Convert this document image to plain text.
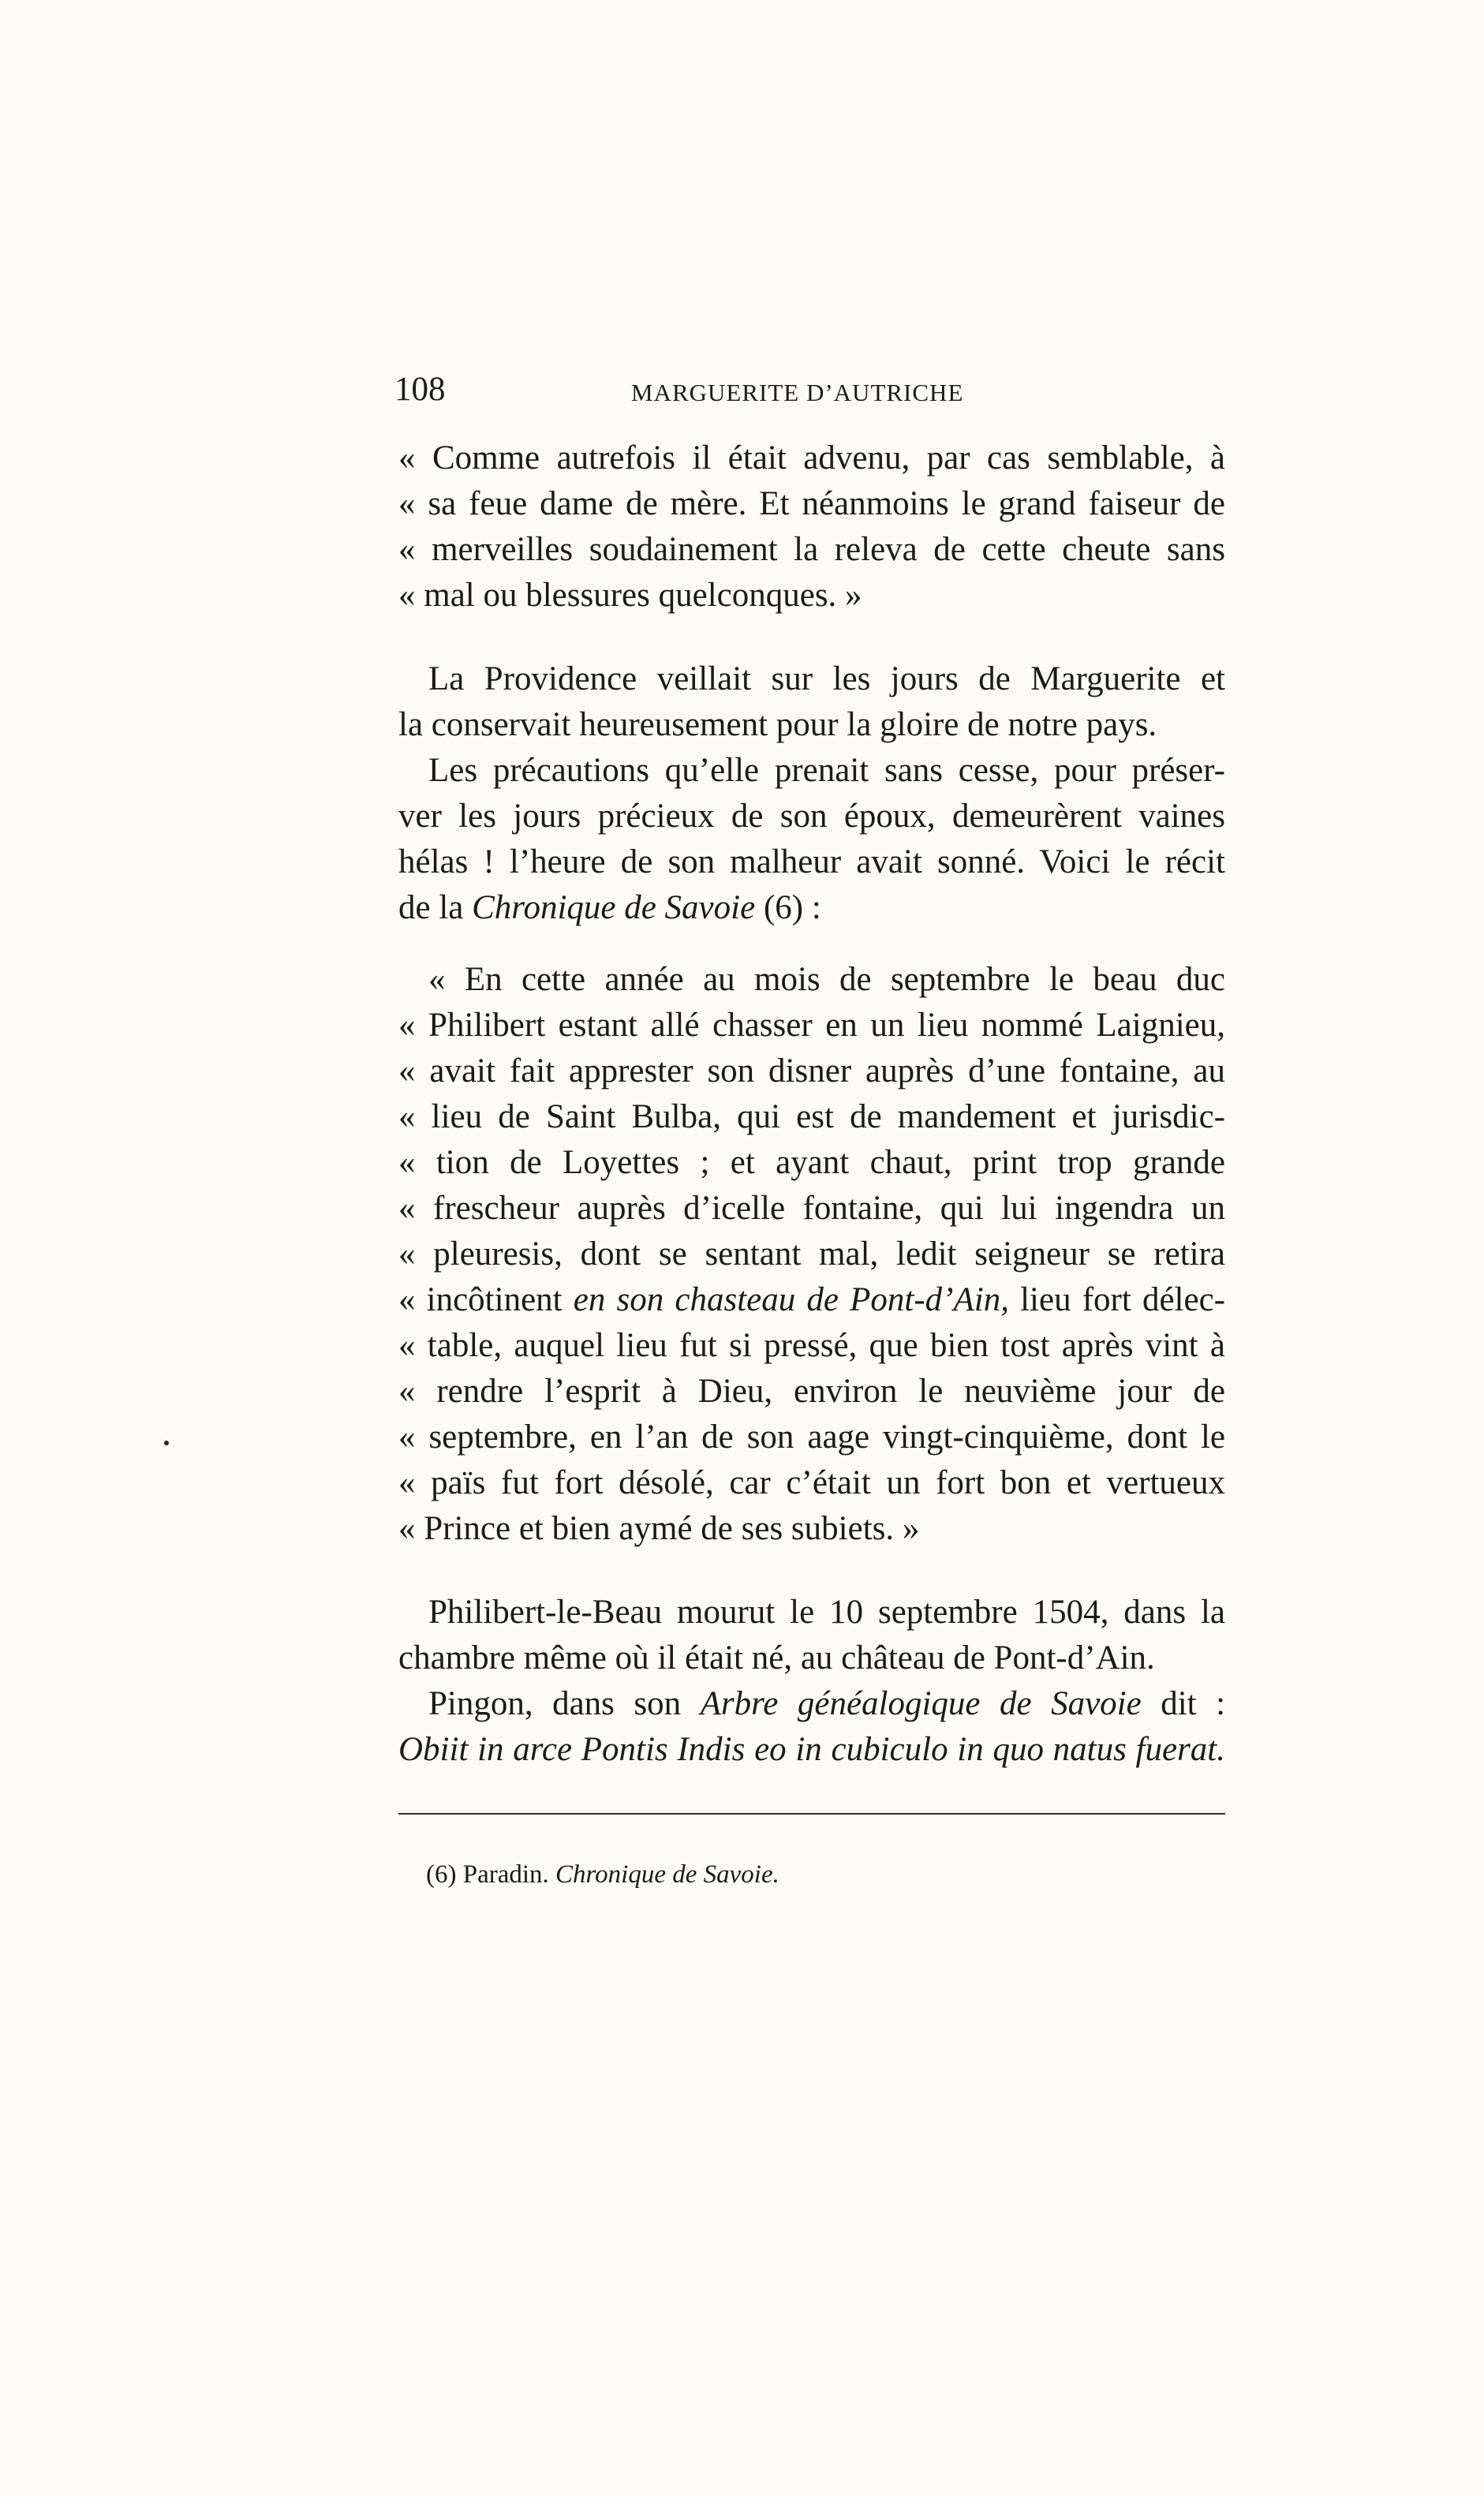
108	MARGUERITE D’AUTRICHE
« Comme autrefois il était advenu, par cas semblable, à
« sa feue dame de mère. Et néanmoins le grand faiseur de
« merveilles soudainement la releva de cette cheute sans
« mal ou blessures quelconques. »
La Providence veillait sur les jours de Marguerite et
la conservait heureusement pour la gloire de notre pays.
Les précautions qu’elle prenait sans cesse, pour préser-
ver les jours précieux de son époux, demeurèrent vaines
hélas ! l’heure de son malheur avait sonné. Voici le récit
de la Chronique de Savoie (6) :
« En cette année au mois de septembre le beau duc
« Philibert estant allé chasser en un lieu nommé Laignieu,
« avait fait apprester son disner auprès d’une fontaine, au
« lieu de Saint Bulba, qui est de mandement et jurisdic-
« tion de Loyettes ; et ayant chaut, print trop grande
« frescheur auprès d’icelle fontaine, qui lui ingendra un
« pleuresis, dont se sentant mal, ledit seigneur se retira
« incôtinent en son chasteau de Pont-d’Ain, lieu fort délec-
« table, auquel lieu fut si pressé, que bien tost après vint à
« rendre l’esprit à Dieu, environ le neuvième jour de
« septembre, en l’an de son aage vingt-cinquième, dont le
« païs fut fort désolé, car c’était un fort bon et vertueux
« Prince et bien aymé de ses subiets. »
Philibert-le-Beau mourut le 10 septembre 1504, dans la
chambre même où il était né, au château de Pont-d’Ain.
Pingon, dans son Arbre généalogique de Savoie dit :
Obiit in arce Pontis Indis eo in cubiculo in quo natus fuerat.
(6) Paradin. Chronique de Savoie.
